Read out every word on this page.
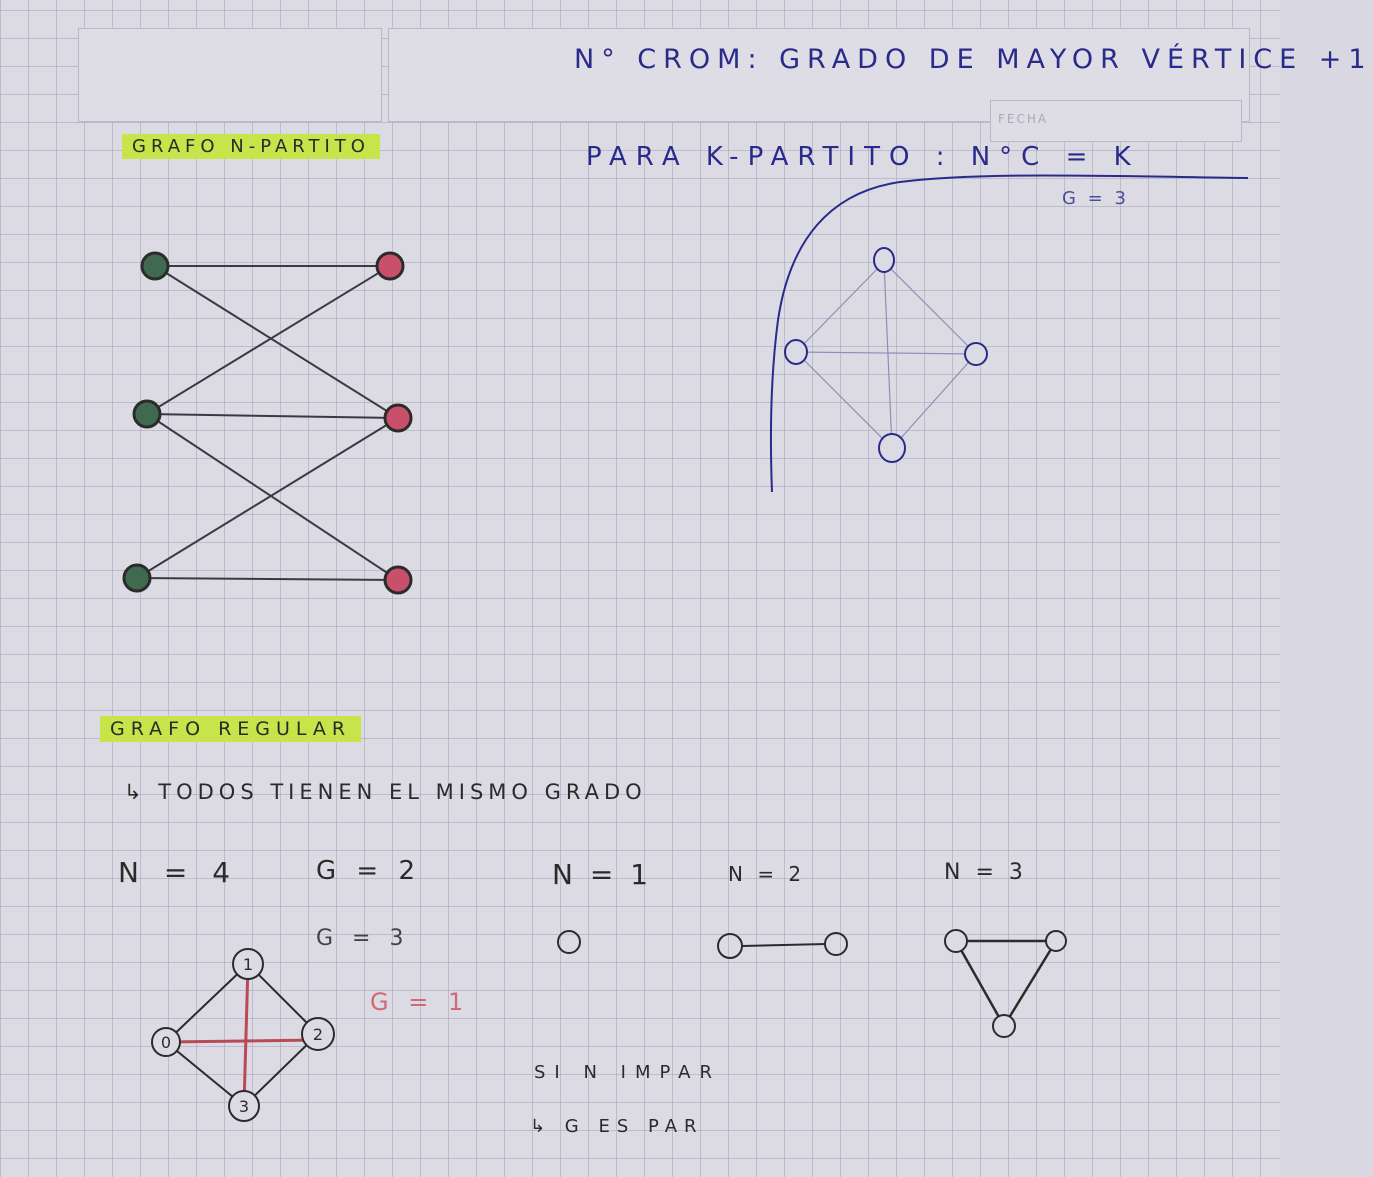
FECHA
N° CROM: GRADO DE MAYOR VÉRTICE +1
GRAFO N-PARTITO	PARA K-PARTITO : N°C = K
G = 3
GRAFO REGULAR
↳ TODOS TIENEN EL MISMO GRADO
N = 4	G = 2
G = 3
G = 1
N = 1	N = 2	N = 3
SI N IMPAR
↳ G ES PAR
1
2
3
0
